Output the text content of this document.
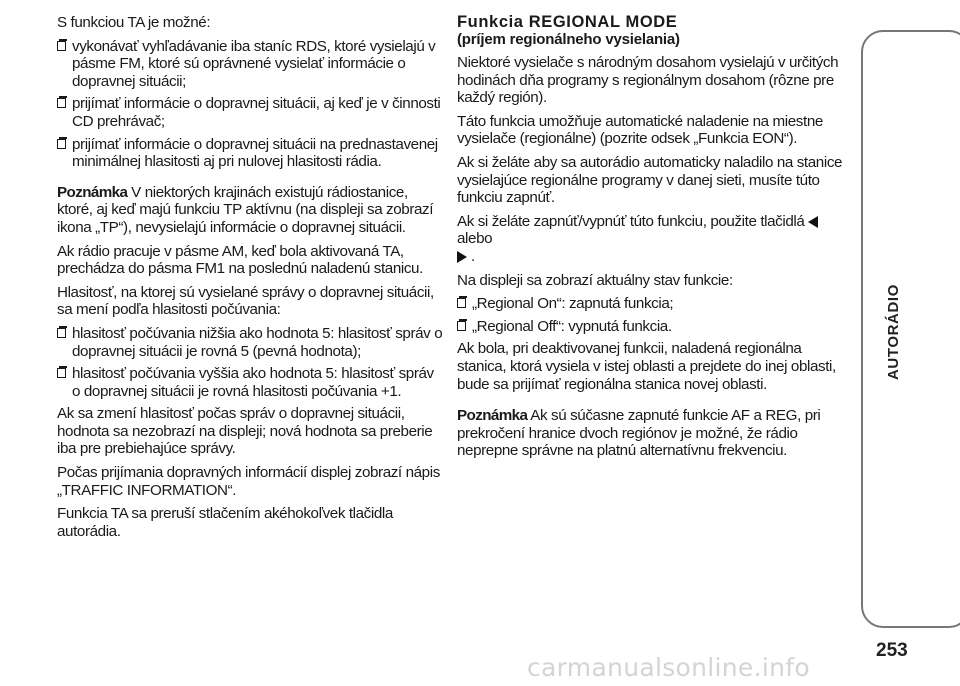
S funkciou TA je možné:

vykonávať vyhľadávanie iba staníc RDS, ktoré vysielajú v pásme FM, ktoré sú oprávnené vysielať informácie o dopravnej situácii;
prijímať informácie o dopravnej situácii, aj keď je v činnosti CD prehrávač;
prijímať informácie o dopravnej situácii na prednastavenej minimálnej hlasitosti aj pri nulovej hlasitosti rádia.

Poznámka V niektorých krajinách existujú rádiostanice, ktoré, aj keď majú funkciu TP aktívnu (na displeji sa zobrazí ikona „TP“), nevysielajú informácie o dopravnej situácii.

Ak rádio pracuje v pásme AM, keď bola aktivovaná TA, prechádza do pásma FM1 na poslednú naladenú stanicu.

Hlasitosť, na ktorej sú vysielané správy o dopravnej situácii, sa mení podľa hlasitosti počúvania:

hlasitosť počúvania nižšia ako hodnota 5: hlasitosť správ o dopravnej situácii je rovná 5 (pevná hodnota);
hlasitosť počúvania vyššia ako hodnota 5: hlasitosť správ o dopravnej situácii je rovná hlasitosti počúvania +1.

Ak sa zmení hlasitosť počas správ o dopravnej situácii, hodnota sa nezobrazí na displeji; nová hodnota sa preberie iba pre prebiehajúce správy.

Počas prijímania dopravných informácií displej zobrazí nápis „TRAFFIC INFORMATION“.

Funkcia TA sa preruší stlačením akéhokoľvek tlačidla autorádia.

Funkcia REGIONAL MODE
(príjem regionálneho vysielania)

Niektoré vysielače s národným dosahom vysielajú v určitých hodinách dňa programy s regionálnym dosahom (rôzne pre každý región).

Táto funkcia umožňuje automatické naladenie na miestne vysielače (regionálne) (pozrite odsek „Funkcia EON“).

Ak si želáte aby sa autorádio automaticky naladilo na stanice vysielajúce regionálne programy v danej sieti, musíte túto funkciu zapnúť.

Ak si želáte zapnúť/vypnúť túto funkciu, použite tlačidláalebo
.

Na displeji sa zobrazí aktuálny stav funkcie:

„Regional On“: zapnutá funkcia;
„Regional Off“: vypnutá funkcia.

Ak bola, pri deaktivovanej funkcii, naladená regionálna stanica, ktorá vysiela v istej oblasti a prejdete do inej oblasti, bude sa prijímať regionálna stanica novej oblasti.

Poznámka Ak sú súčasne zapnuté funkcie AF a REG, pri prekročení hranice dvoch regiónov je možné, že rádio neprepne správne na platnú alternatívnu frekvenciu.

AUTORÁDIO
253
carmanualsonline.info
